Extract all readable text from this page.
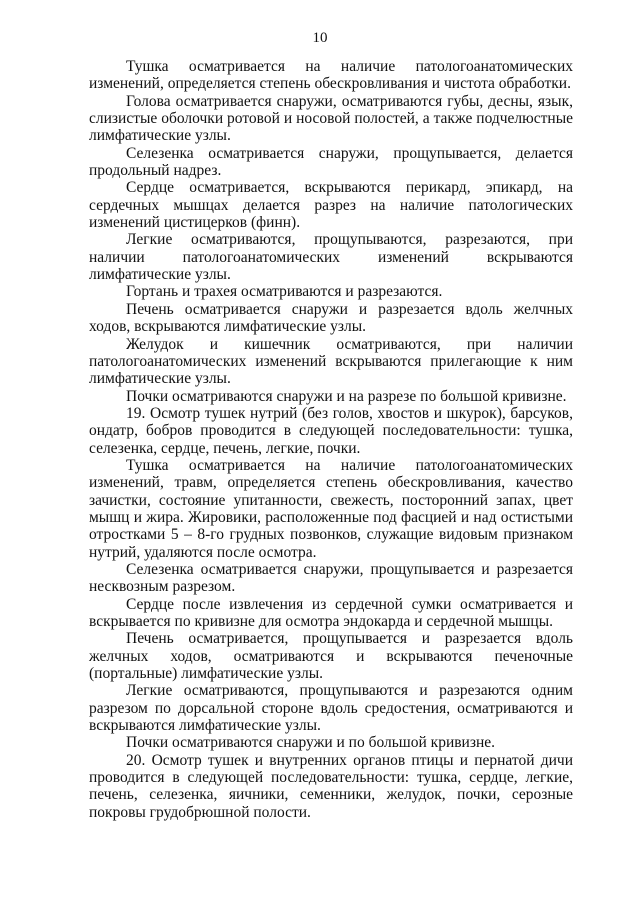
10

Тушка осматривается на наличие патологоанатомических изменений, определяется степень обескровливания и чистота обработки.

Голова осматривается снаружи, осматриваются губы, десны, язык, слизистые оболочки ротовой и носовой полостей, а также подчелюстные лимфатические узлы.

Селезенка осматривается снаружи, прощупывается, делается продольный надрез.

Сердце осматривается, вскрываются перикард, эпикард, на сердечных мышцах делается разрез на наличие патологических изменений цистицерков (финн).

Легкие осматриваются, прощупываются, разрезаются, при наличии патологоанатомических изменений вскрываются лимфатические узлы.

Гортань и трахея осматриваются и разрезаются.

Печень осматривается снаружи и разрезается вдоль желчных ходов, вскрываются лимфатические узлы.

Желудок и кишечник осматриваются, при наличии патологоанатомических изменений вскрываются прилегающие к ним лимфатические узлы.

Почки осматриваются снаружи и на разрезе по большой кривизне.

19. Осмотр тушек нутрий (без голов, хвостов и шкурок), барсуков, ондатр, бобров проводится в следующей последовательности: тушка, селезенка, сердце, печень, легкие, почки.

Тушка осматривается на наличие патологоанатомических изменений, травм, определяется степень обескровливания, качество зачистки, состояние упитанности, свежесть, посторонний запах, цвет мышц и жира. Жировики, расположенные под фасцией и над остистыми отростками 5 – 8-го грудных позвонков, служащие видовым признаком нутрий, удаляются после осмотра.

Селезенка осматривается снаружи, прощупывается и разрезается несквозным разрезом.

Сердце после извлечения из сердечной сумки осматривается и вскрывается по кривизне для осмотра эндокарда и сердечной мышцы.

Печень осматривается, прощупывается и разрезается вдоль желчных ходов, осматриваются и вскрываются печеночные (портальные) лимфатические узлы.

Легкие осматриваются, прощупываются и разрезаются одним разрезом по дорсальной стороне вдоль средостения, осматриваются и вскрываются лимфатические узлы.

Почки осматриваются снаружи и по большой кривизне.

20. Осмотр тушек и внутренних органов птицы и пернатой дичи проводится в следующей последовательности: тушка, сердце, легкие, печень, селезенка, яичники, семенники, желудок, почки, серозные покровы грудобрюшной полости.
